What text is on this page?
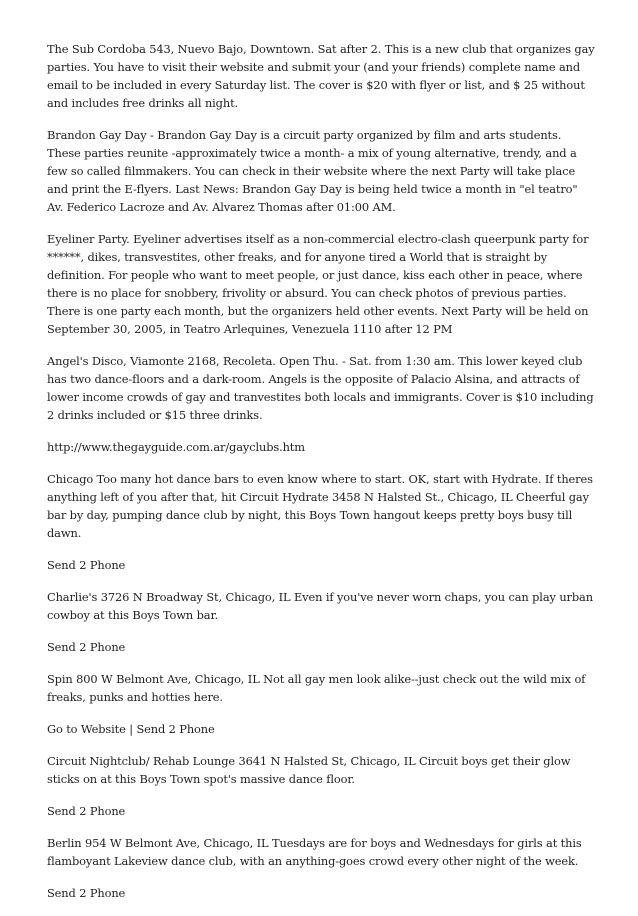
The Sub Cordoba 543, Nuevo Bajo, Downtown. Sat after 2. This is a new club that organizes gay parties. You have to visit their website and submit your (and your friends) complete name and email to be included in every Saturday list. The cover is $20 with flyer or list, and $ 25 without and includes free drinks all night.

Brandon Gay Day - Brandon Gay Day is a circuit party organized by film and arts students. These parties reunite -approximately twice a month- a mix of young alternative, trendy, and a few so called filmmakers. You can check in their website where the next Party will take place and print the E-flyers. Last News: Brandon Gay Day is being held twice a month in "el teatro" Av. Federico Lacroze and Av. Alvarez Thomas after 01:00 AM.

Eyeliner Party. Eyeliner advertises itself as a non-commercial electro-clash queerpunk party for ******, dikes, transvestites, other freaks, and for anyone tired a World that is straight by definition. For people who want to meet people, or just dance, kiss each other in peace, where there is no place for snobbery, frivolity or absurd. You can check photos of previous parties. There is one party each month, but the organizers held other events. Next Party will be held on September 30, 2005, in Teatro Arlequines, Venezuela 1110 after 12 PM

Angel's Disco, Viamonte 2168, Recoleta. Open Thu. - Sat. from 1:30 am. This lower keyed club has two dance-floors and a dark-room. Angels is the opposite of Palacio Alsina, and attracts of lower income crowds of gay and tranvestites both locals and immigrants. Cover is $10 including 2 drinks included or $15 three drinks.

http://www.thegayguide.com.ar/gayclubs.htm

Chicago Too many hot dance bars to even know where to start. OK, start with Hydrate. If theres anything left of you after that, hit Circuit Hydrate 3458 N Halsted St., Chicago, IL Cheerful gay bar by day, pumping dance club by night, this Boys Town hangout keeps pretty boys busy till dawn.

Send 2 Phone

Charlie's 3726 N Broadway St, Chicago, IL Even if you've never worn chaps, you can play urban cowboy at this Boys Town bar.

Send 2 Phone

Spin 800 W Belmont Ave, Chicago, IL Not all gay men look alike--just check out the wild mix of freaks, punks and hotties here.

Go to Website | Send 2 Phone

Circuit Nightclub/ Rehab Lounge 3641 N Halsted St, Chicago, IL Circuit boys get their glow sticks on at this Boys Town spot's massive dance floor.

Send 2 Phone

Berlin 954 W Belmont Ave, Chicago, IL Tuesdays are for boys and Wednesdays for girls at this flamboyant Lakeview dance club, with an anything-goes crowd every other night of the week.

Send 2 Phone
